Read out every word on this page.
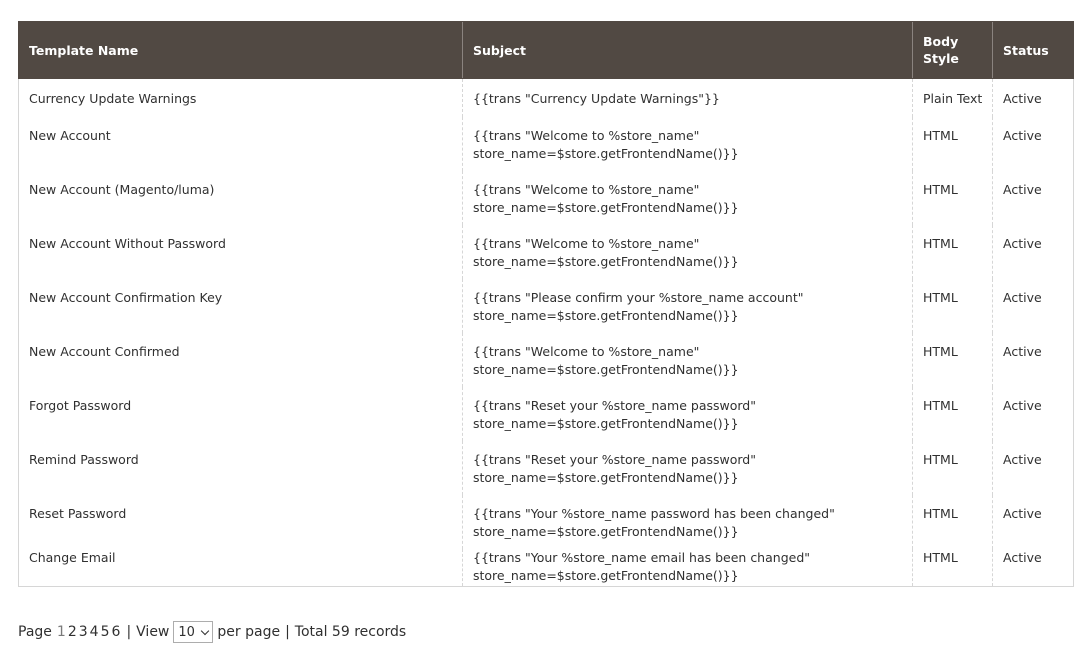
Template Name	Subject	Body Style	Status
Currency Update Warnings	{{trans "Currency Update Warnings"}}	Plain Text	Active
New Account	{{trans "Welcome to %store_name"
store_name=$store.getFrontendName()}}	HTML	Active
New Account (Magento/luma)	{{trans "Welcome to %store_name"
store_name=$store.getFrontendName()}}	HTML	Active
New Account Without Password	{{trans "Welcome to %store_name"
store_name=$store.getFrontendName()}}	HTML	Active
New Account Confirmation Key	{{trans "Please confirm your %store_name account"
store_name=$store.getFrontendName()}}	HTML	Active
New Account Confirmed	{{trans "Welcome to %store_name"
store_name=$store.getFrontendName()}}	HTML	Active
Forgot Password	{{trans "Reset your %store_name password"
store_name=$store.getFrontendName()}}	HTML	Active
Remind Password	{{trans "Reset your %store_name password"
store_name=$store.getFrontendName()}}	HTML	Active
Reset Password	{{trans "Your %store_name password has been changed"
store_name=$store.getFrontendName()}}	HTML	Active
Change Email	{{trans "Your %store_name email has been changed"
store_name=$store.getFrontendName()}}	HTML	Active
Page 1 2 3 4 5 6 | View 10 per page | Total 59 records
